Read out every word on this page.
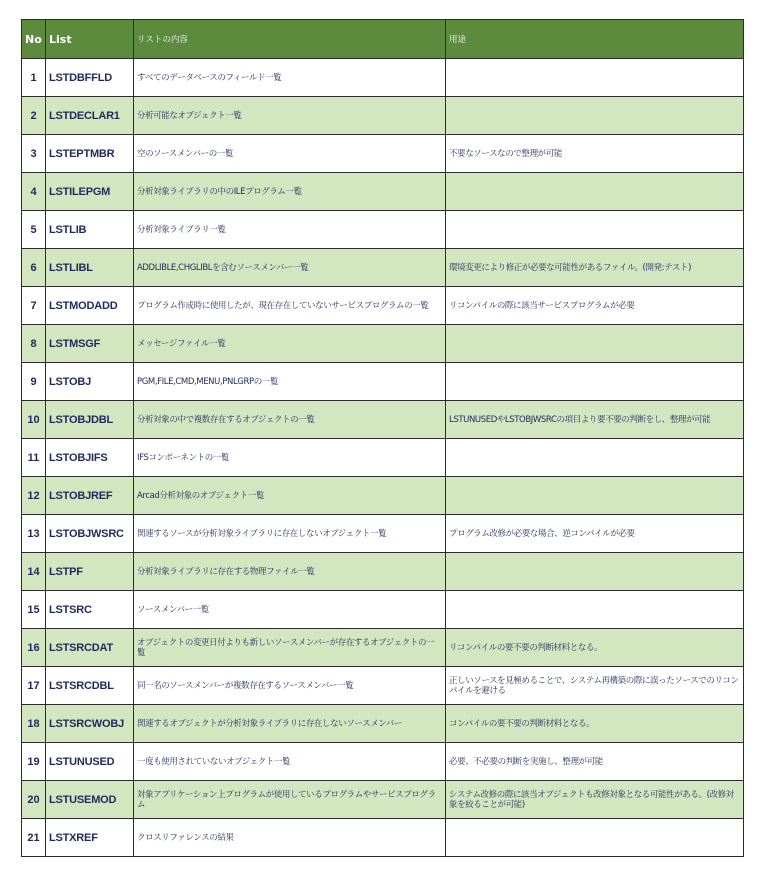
No	List	リストの内容	用途
1	LSTDBFFLD	すべてのデータベースのフィールド一覧	
2	LSTDECLAR1	分析可能なオブジェクト一覧	
3	LSTEPTMBR	空のソースメンバーの一覧	不要なソースなので整理が可能
4	LSTILEPGM	分析対象ライブラリの中のILEプログラム一覧	
5	LSTLIB	分析対象ライブラリ一覧	
6	LSTLIBL	ADDLIBLE,CHGLIBLを含むソースメンバー一覧	環境変更により修正が必要な可能性があるファイル。(開発:テスト)
7	LSTMODADD	プログラム作成時に使用したが、現在存在していないサービスプログラムの一覧	リコンパイルの際に該当サービスプログラムが必要
8	LSTMSGF	メッセージファイル一覧	
9	LSTOBJ	PGM,FILE,CMD,MENU,PNLGRPの一覧	
10	LSTOBJDBL	分析対象の中で複数存在するオブジェクトの一覧	LSTUNUSEDやLSTOBJWSRCの項目より要不要の判断をし、整理が可能
11	LSTOBJIFS	IFSコンポーネントの一覧	
12	LSTOBJREF	Arcad分析対象のオブジェクト一覧	
13	LSTOBJWSRC	関連するソースが分析対象ライブラリに存在しないオブジェクト一覧	プログラム改修が必要な場合、逆コンパイルが必要
14	LSTPF	分析対象ライブラリに存在する物理ファイル一覧	
15	LSTSRC	ソースメンバー一覧	
16	LSTSRCDAT	オブジェクトの変更日付よりも新しいソースメンバーが存在するオブジェクトの一覧	リコンパイルの要不要の判断材料となる。
17	LSTSRCDBL	同一名のソースメンバーが複数存在するソースメンバー一覧	正しいソースを見極めることで、システム再構築の際に誤ったソースでのリコンパイルを避ける
18	LSTSRCWOBJ	関連するオブジェクトが分析対象ライブラリに存在しないソースメンバー	コンパイルの要不要の判断材料となる。
19	LSTUNUSED	一度も使用されていないオブジェクト一覧	必要、不必要の判断を実施し、整理が可能
20	LSTUSEMOD	対象アプリケーション上プログラムが使用しているプログラムやサービスプログラム	システム改修の際に該当オブジェクトも改修対象となる可能性がある。(改修対象を絞ることが可能)
21	LSTXREF	クロスリファレンスの結果	
